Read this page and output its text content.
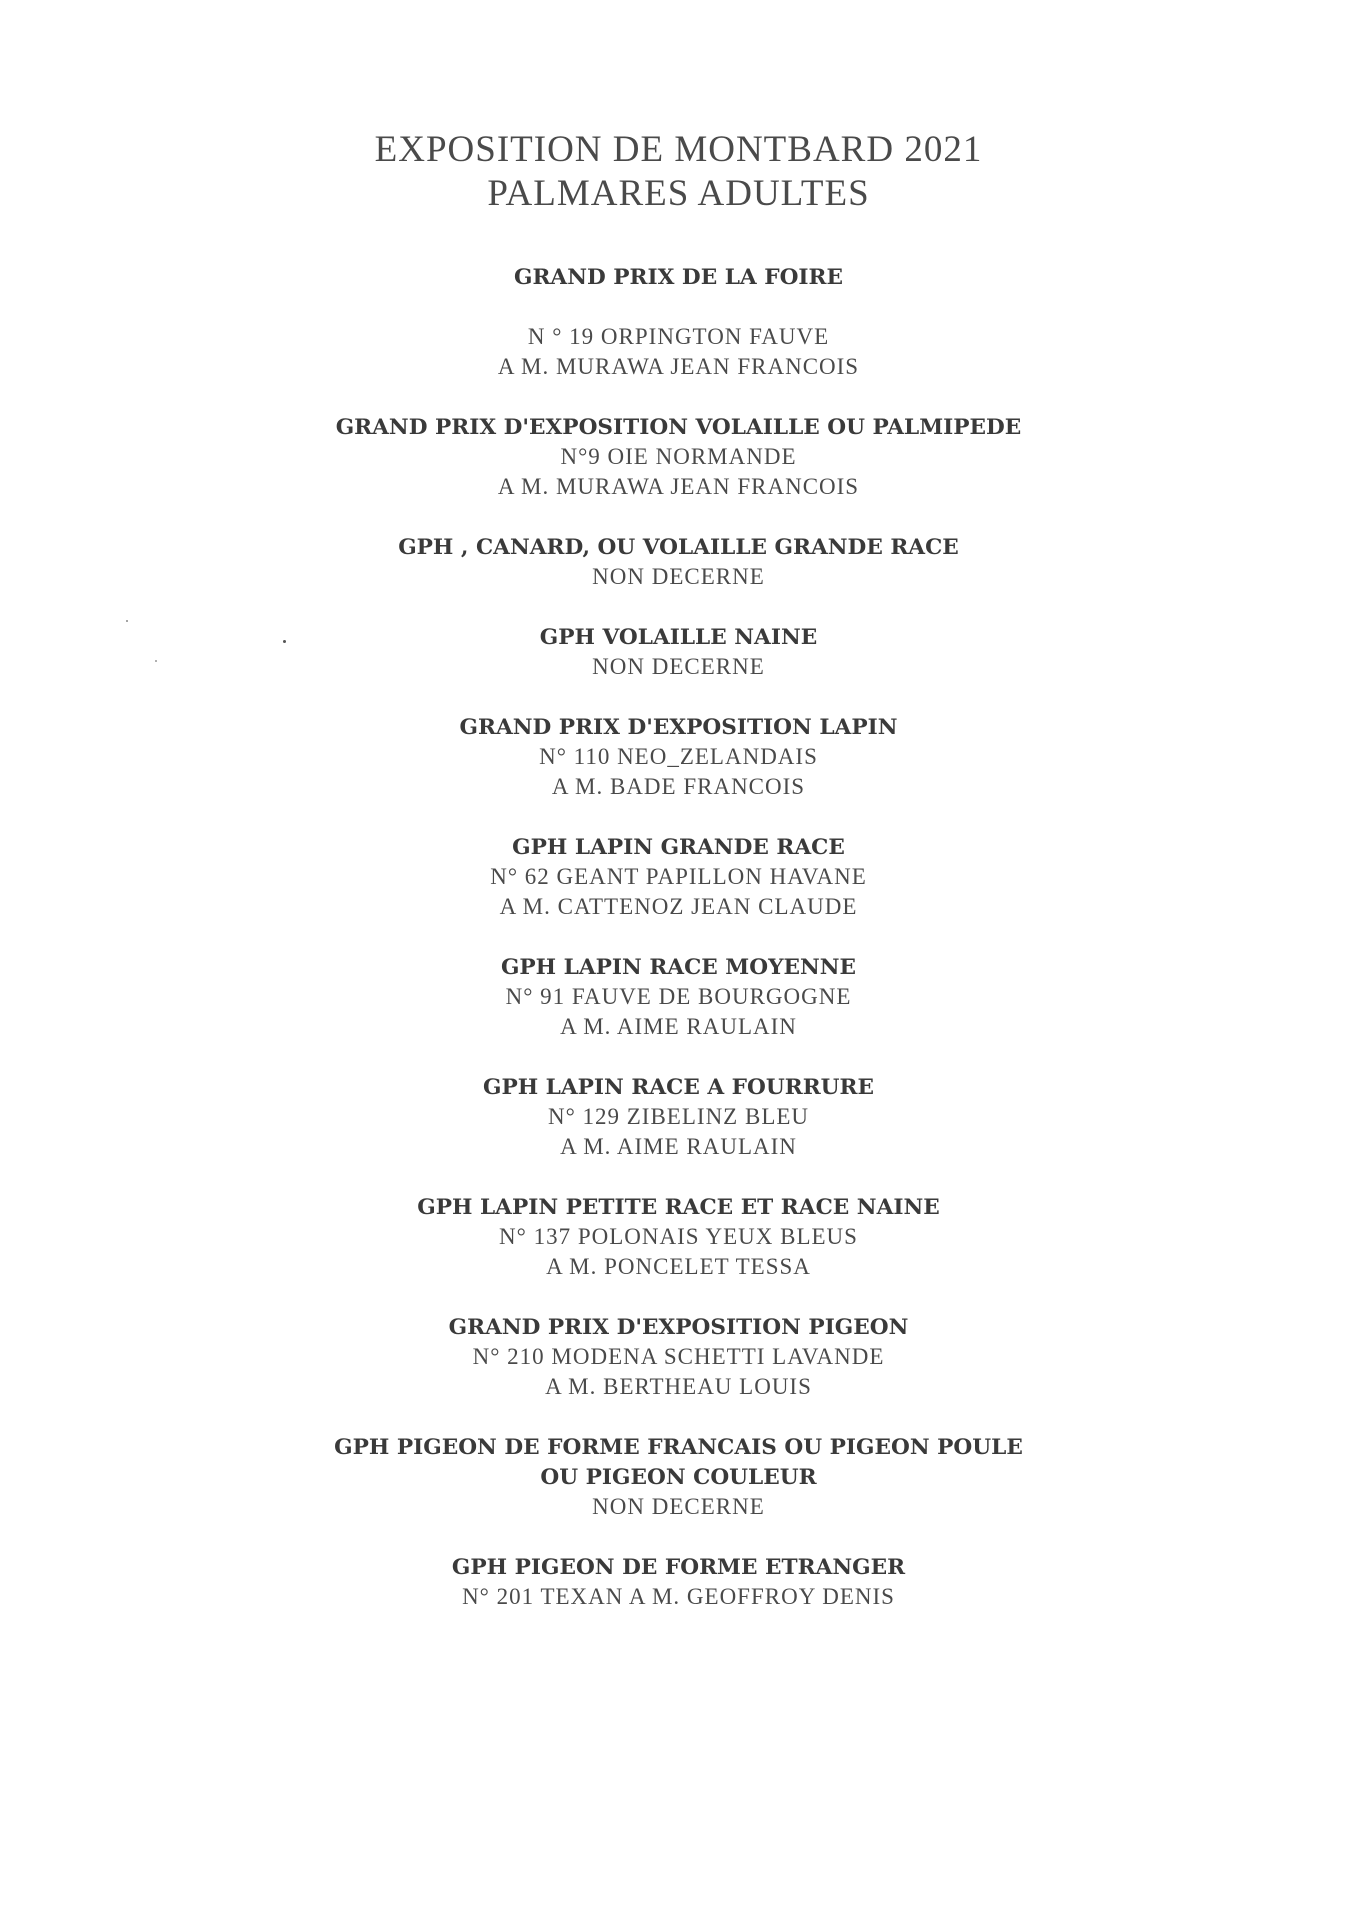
EXPOSITION DE MONTBARD 2021
PALMARES ADULTES
GRAND PRIX DE LA FOIRE
N ° 19 ORPINGTON FAUVE
A M. MURAWA JEAN FRANCOIS
GRAND PRIX D'EXPOSITION VOLAILLE OU PALMIPEDE
N°9 OIE NORMANDE
A M. MURAWA JEAN FRANCOIS
GPH , CANARD, OU VOLAILLE GRANDE RACE
NON DECERNE
GPH VOLAILLE NAINE
NON DECERNE
GRAND PRIX D'EXPOSITION LAPIN
N° 110 NEO_ZELANDAIS
A M. BADE FRANCOIS
GPH LAPIN GRANDE RACE
N° 62 GEANT PAPILLON HAVANE
A M. CATTENOZ JEAN CLAUDE
GPH LAPIN RACE MOYENNE
N° 91 FAUVE DE BOURGOGNE
A M. AIME RAULAIN
GPH LAPIN RACE A FOURRURE
N° 129 ZIBELINZ BLEU
A M. AIME RAULAIN
GPH LAPIN PETITE RACE ET RACE NAINE
N° 137 POLONAIS YEUX BLEUS
A M. PONCELET TESSA
GRAND PRIX D'EXPOSITION PIGEON
N° 210 MODENA SCHETTI LAVANDE
A M. BERTHEAU LOUIS
GPH PIGEON DE FORME FRANCAIS OU PIGEON POULE
OU PIGEON COULEUR
NON DECERNE
GPH PIGEON DE FORME ETRANGER
N° 201 TEXAN A M. GEOFFROY DENIS
